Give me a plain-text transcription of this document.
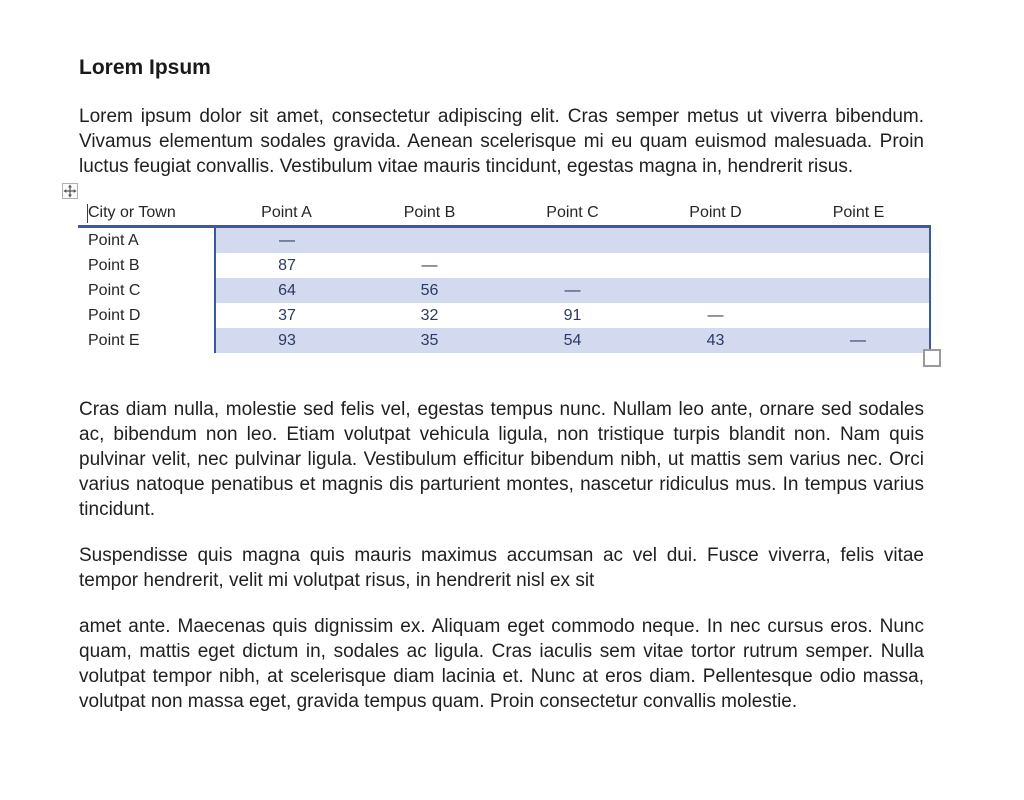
Lorem Ipsum

Lorem ipsum dolor sit amet, consectetur adipiscing elit. Cras semper metus ut viverra bibendum. Vivamus elementum sodales gravida. Aenean scelerisque mi eu quam euismod malesuada. Proin luctus feugiat convallis. Vestibulum vitae mauris tincidunt, egestas magna in, hendrerit risus.

City or Town	Point A	Point B	Point C	Point D	Point E
Point A	—				
Point B	87	—			
Point C	64	56	—		
Point D	37	32	91	—	
Point E	93	35	54	43	—

Cras diam nulla, molestie sed felis vel, egestas tempus nunc. Nullam leo ante, ornare sed sodales ac, bibendum non leo. Etiam volutpat vehicula ligula, non tristique turpis blandit non. Nam quis pulvinar velit, nec pulvinar ligula. Vestibulum efficitur bibendum nibh, ut mattis sem varius nec. Orci varius natoque penatibus et magnis dis parturient montes, nascetur ridiculus mus. In tempus varius tincidunt.

Suspendisse quis magna quis mauris maximus accumsan ac vel dui. Fusce viverra, felis vitae tempor hendrerit, velit mi volutpat risus, in hendrerit nisl ex sit

amet ante. Maecenas quis dignissim ex. Aliquam eget commodo neque. In nec cursus eros. Nunc quam, mattis eget dictum in, sodales ac ligula. Cras iaculis sem vitae tortor rutrum semper. Nulla volutpat tempor nibh, at scelerisque diam lacinia et. Nunc at eros diam. Pellentesque odio massa, volutpat non massa eget, gravida tempus quam. Proin consectetur convallis molestie.
